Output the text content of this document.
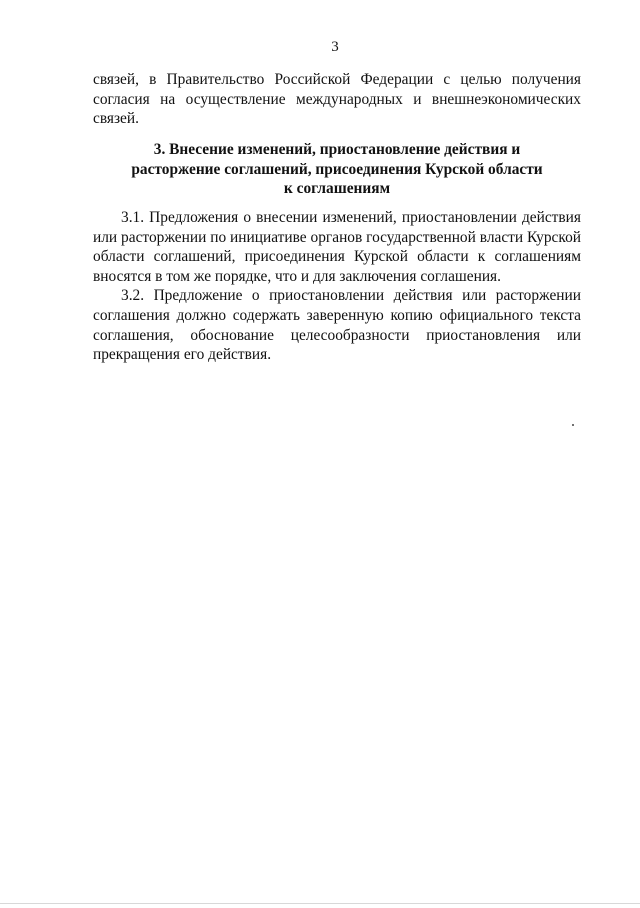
3
связей, в Правительство Российской Федерации с целью получения согласия на осуществление международных и внешнеэкономических связей.
3. Внесение изменений, приостановление действия и
расторжение соглашений, присоединения Курской области
к соглашениям

3.1. Предложения о внесении изменений, приостановлении действия или расторжении по инициативе органов государственной власти Курской области соглашений, присоединения Курской области к соглашениям вносятся в том же порядке, что и для заключения соглашения.

3.2. Предложение о приостановлении действия или расторжении соглашения должно содержать заверенную копию официального текста соглашения, обоснование целесообразности приостановления или прекращения его действия.
